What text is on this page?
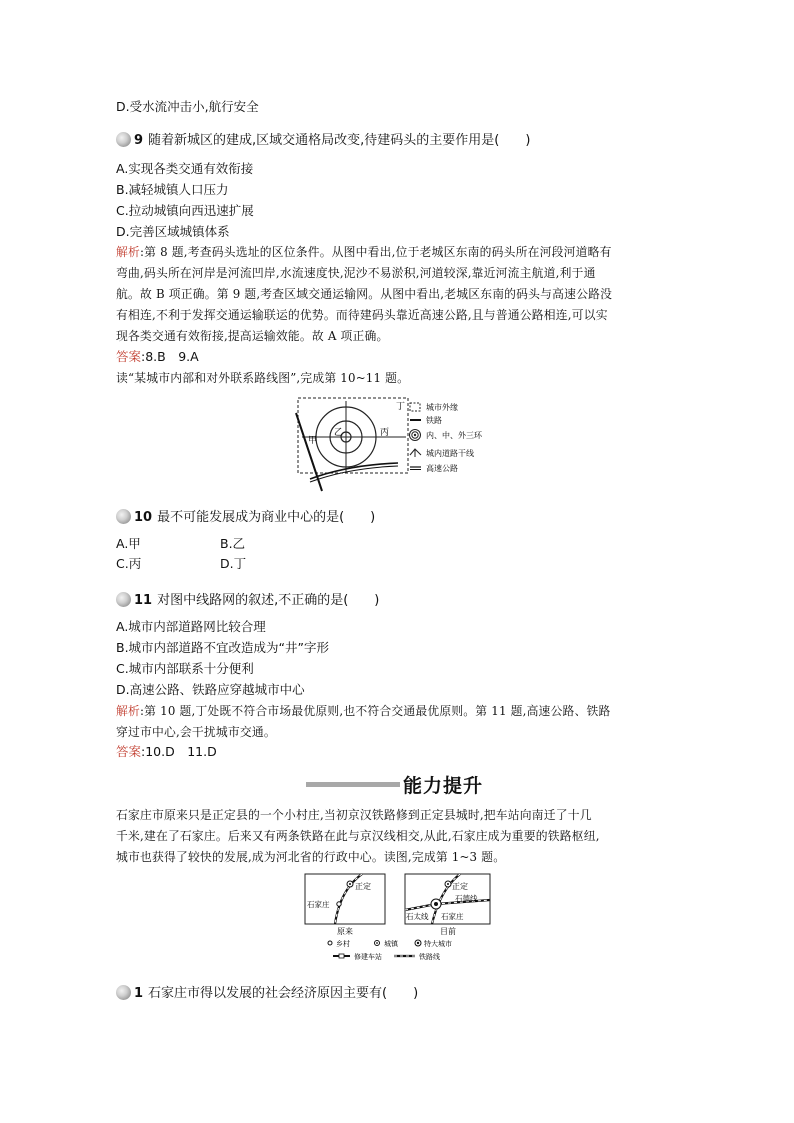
D.受水流冲击小,航行安全
9 随着新城区的建成,区域交通格局改变,待建码头的主要作用是(　　)
A.实现各类交通有效衔接
B.减轻城镇人口压力
C.拉动城镇向西迅速扩展
D.完善区域城镇体系
解析:第 8 题,考查码头选址的区位条件。从图中看出,位于老城区东南的码头所在河段河道略有
弯曲,码头所在河岸是河流凹岸,水流速度快,泥沙不易淤积,河道较深,靠近河流主航道,利于通
航。故 B 项正确。第 9 题,考查区域交通运输网。从图中看出,老城区东南的码头与高速公路没
有相连,不利于发挥交通运输联运的优势。而待建码头靠近高速公路,且与普通公路相连,可以实
现各类交通有效衔接,提高运输效能。故 A 项正确。
答案:8.B　9.A
读“某城市内部和对外联系路线图”,完成第 10~11 题。
甲
乙	丙
丁	城市外缘
铁路
内、中、外三环
城内道路干线
高速公路
10 最不可能发展成为商业中心的是(　　)
A.甲	B.乙
C.丙	D.丁
11 对图中线路网的叙述,不正确的是(　　)
A.城市内部道路网比较合理
B.城市内部道路不宜改造成为“井”字形
C.城市内部联系十分便利
D.高速公路、铁路应穿越城市中心
解析:第 10 题,丁处既不符合市场最优原则,也不符合交通最优原则。第 11 题,高速公路、铁路
穿过市中心,会干扰城市交通。
答案:10.D　11.D
能力提升
石家庄市原来只是正定县的一个小村庄,当初京汉铁路修到正定县城时,把车站向南迁了十几
千米,建在了石家庄。后来又有两条铁路在此与京汉线相交,从此,石家庄成为重要的铁路枢纽,
城市也获得了较快的发展,成为河北省的行政中心。读图,完成第 1~3 题。
正定
石家庄
原来
正定
石德线
石太线 石家庄
目前
乡村	城镇	特大城市
修建车站	铁路线
1 石家庄市得以发展的社会经济原因主要有(　　)
